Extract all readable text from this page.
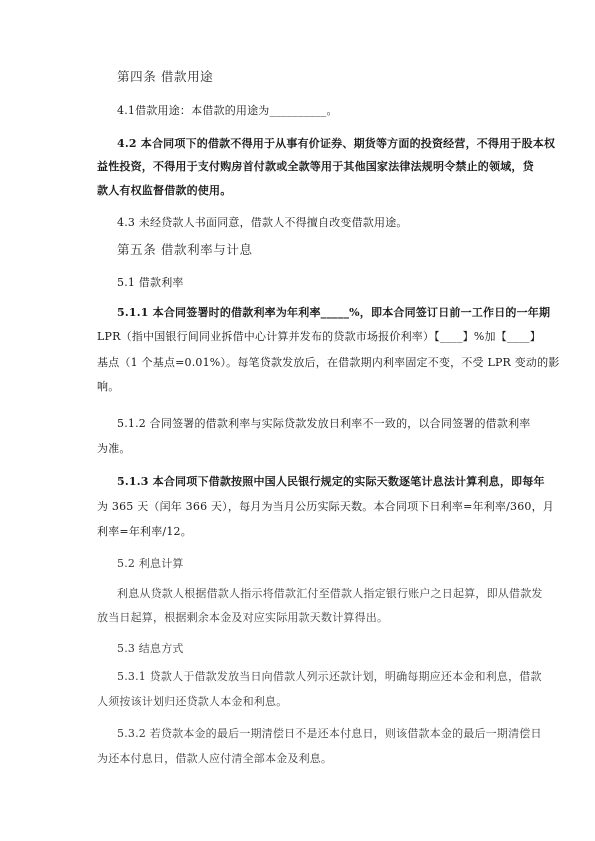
第四条 借款用途
4.1借款用途：本借款的用途为__________。
4.2 本合同项下的借款不得用于从事有价证券、期货等方面的投资经营，不得用于股本权
益性投资，不得用于支付购房首付款或全款等用于其他国家法律法规明令禁止的领域，贷
款人有权监督借款的使用。
4.3 未经贷款人书面同意，借款人不得擅自改变借款用途。
第五条 借款利率与计息
5.1 借款利率
5.1.1 本合同签署时的借款利率为年利率_____%，即本合同签订日前一工作日的一年期
LPR（指中国银行间同业拆借中心计算并发布的贷款市场报价利率）【____】%加【____】
基点（1 个基点=0.01%）。每笔贷款发放后，在借款期内利率固定不变，不受 LPR 变动的影
响。
5.1.2 合同签署的借款利率与实际贷款发放日利率不一致的，以合同签署的借款利率
为准。
5.1.3 本合同项下借款按照中国人民银行规定的实际天数逐笔计息法计算利息，即每年
为 365 天（闰年 366 天），每月为当月公历实际天数。本合同项下日利率=年利率/360，月
利率=年利率/12。
5.2 利息计算
利息从贷款人根据借款人指示将借款汇付至借款人指定银行账户之日起算，即从借款发
放当日起算，根据剩余本金及对应实际用款天数计算得出。
5.3 结息方式
5.3.1 贷款人于借款发放当日向借款人列示还款计划，明确每期应还本金和利息，借款
人须按该计划归还贷款人本金和利息。
5.3.2 若贷款本金的最后一期清偿日不是还本付息日，则该借款本金的最后一期清偿日
为还本付息日，借款人应付清全部本金及利息。
